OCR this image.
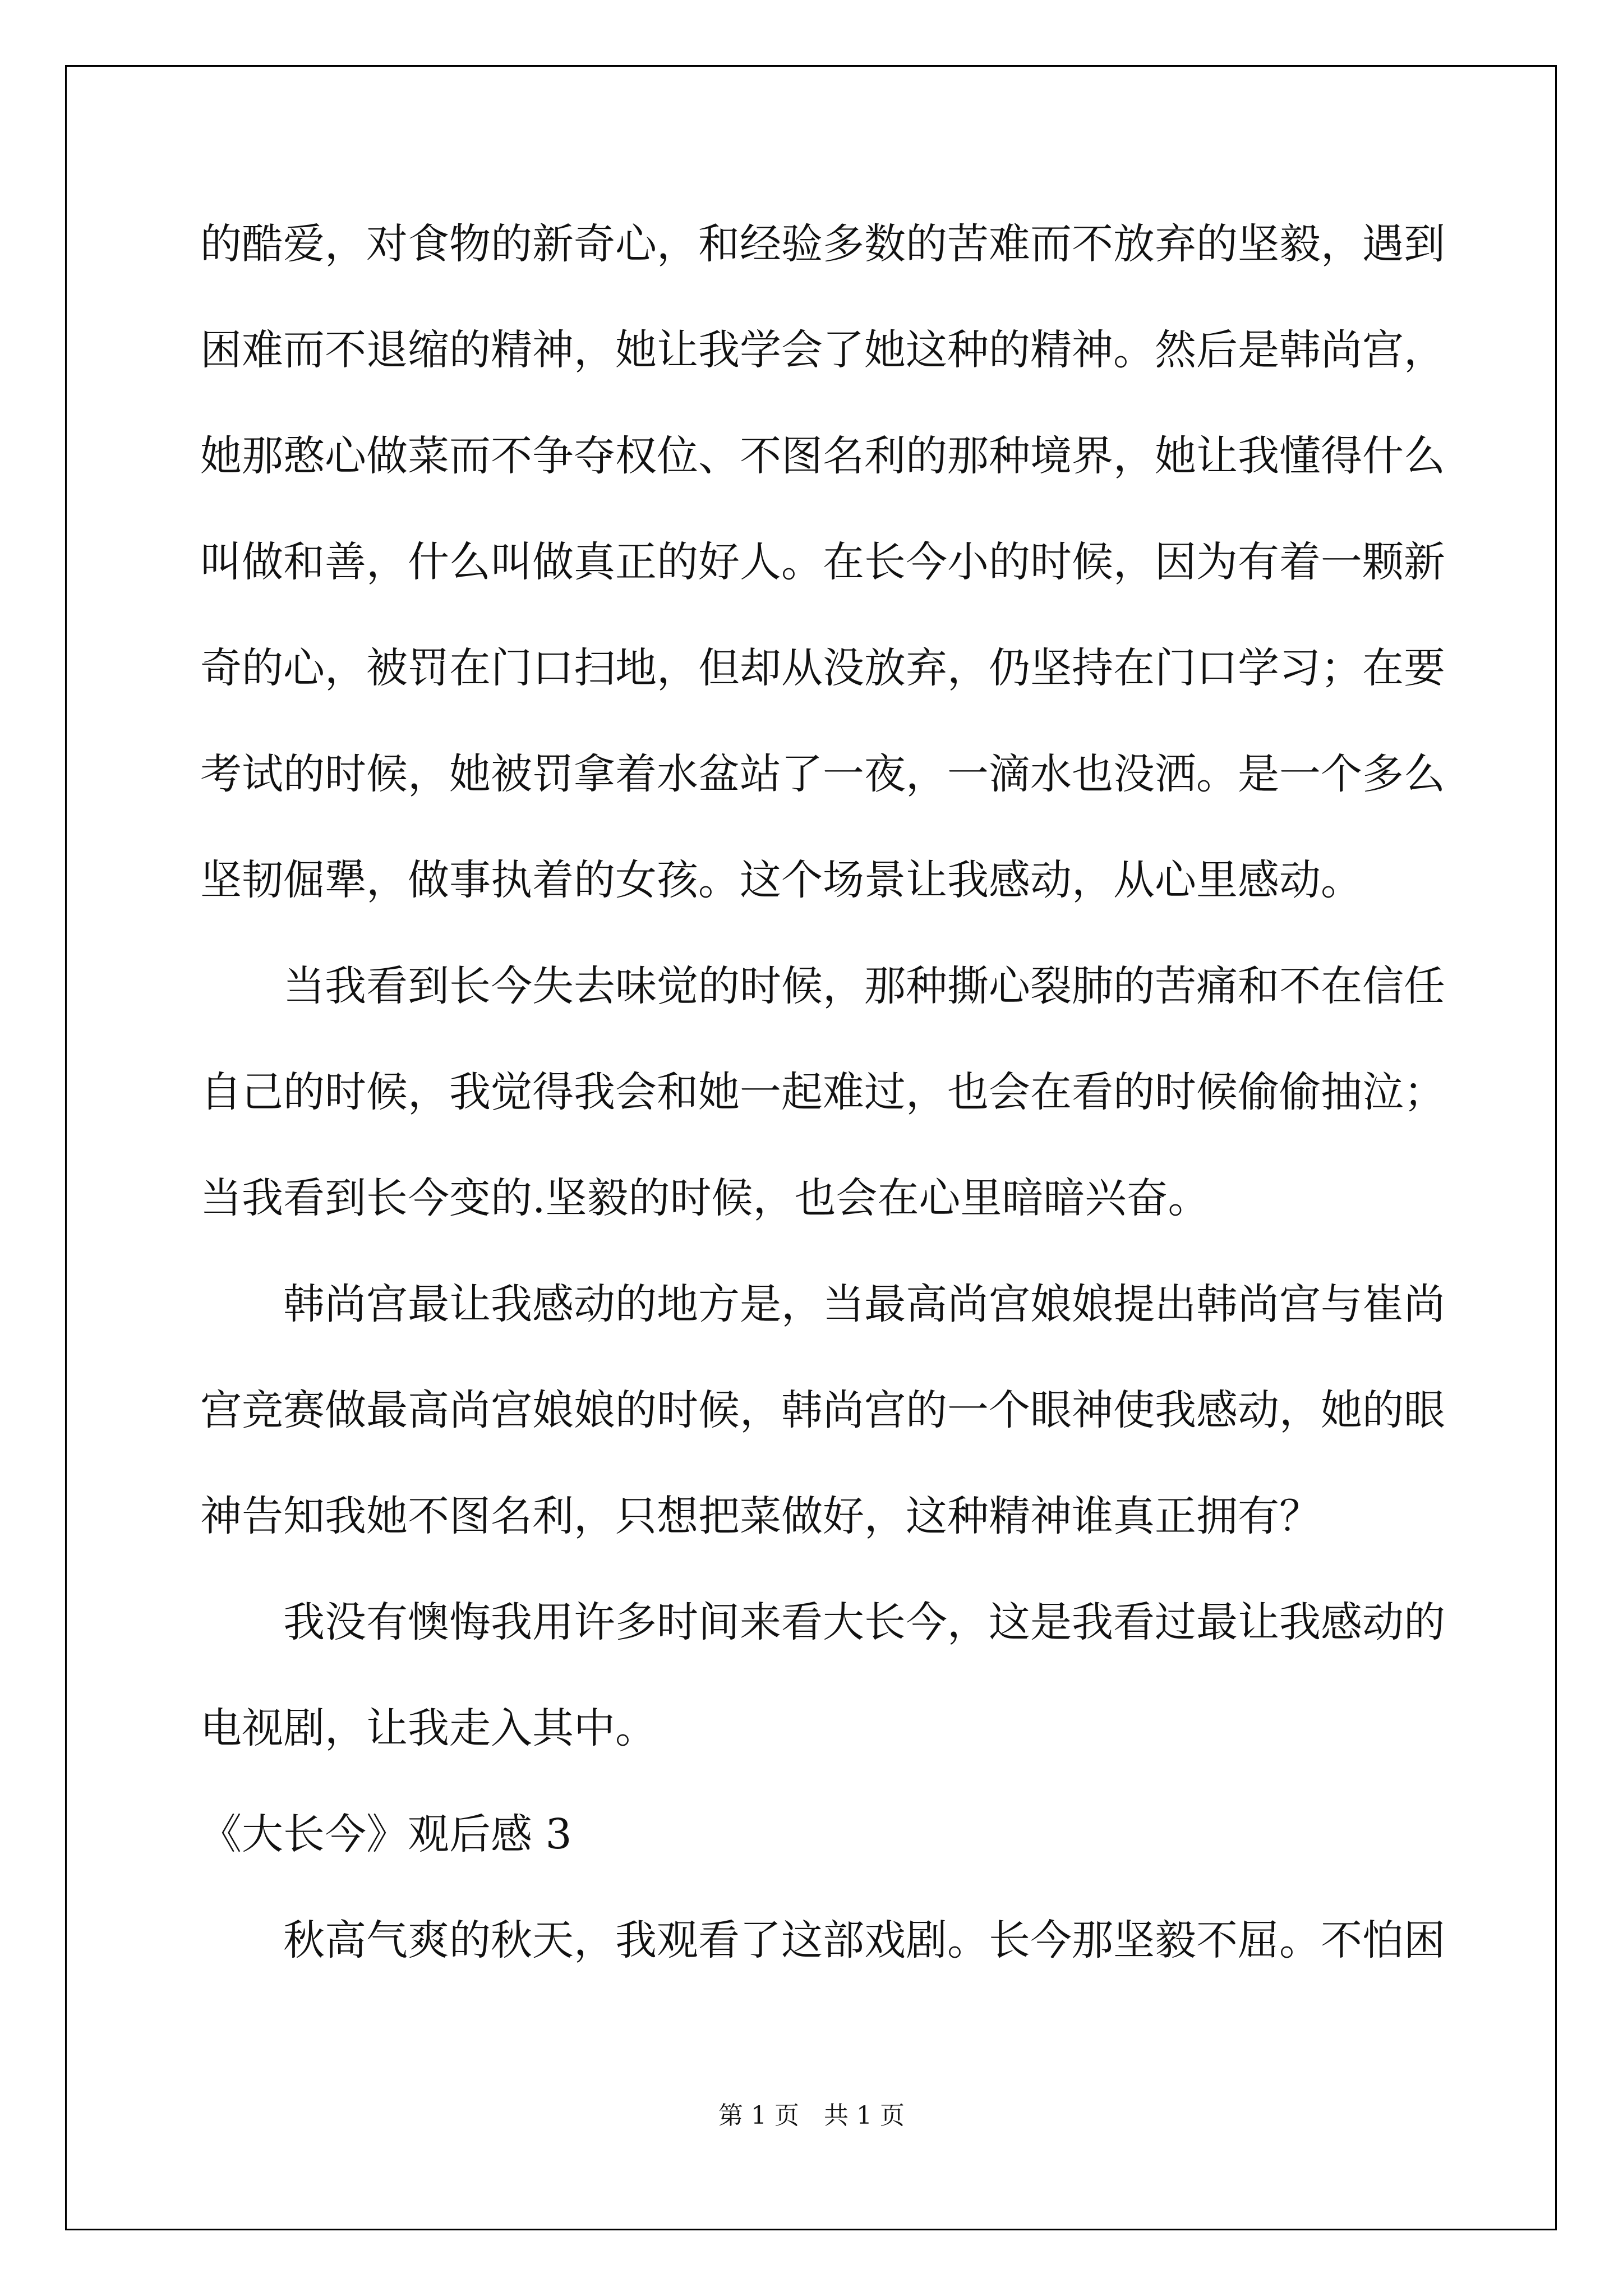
的酷爱，对食物的新奇心，和经验多数的苦难而不放弃的坚毅，遇到
困难而不退缩的精神，她让我学会了她这种的精神。然后是韩尚宫，
她那憨心做菜而不争夺权位、不图名利的那种境界，她让我懂得什么
叫做和善，什么叫做真正的好人。在长今小的时候，因为有着一颗新
奇的心，被罚在门口扫地，但却从没放弃，仍坚持在门口学习；在要
考试的时候，她被罚拿着水盆站了一夜，一滴水也没洒。是一个多么
坚韧倔犟，做事执着的女孩。这个场景让我感动，从心里感动。
当我看到长今失去味觉的时候，那种撕心裂肺的苦痛和不在信任
自己的时候，我觉得我会和她一起难过，也会在看的时候偷偷抽泣；
当我看到长今变的.坚毅的时候，也会在心里暗暗兴奋。
韩尚宫最让我感动的地方是，当最高尚宫娘娘提出韩尚宫与崔尚
宫竞赛做最高尚宫娘娘的时候，韩尚宫的一个眼神使我感动，她的眼
神告知我她不图名利，只想把菜做好，这种精神谁真正拥有？
我没有懊悔我用许多时间来看大长今，这是我看过最让我感动的
电视剧，让我走入其中。
《大长今》观后感 3
秋高气爽的秋天，我观看了这部戏剧。长今那坚毅不屈。不怕困
第 1 页　共 1 页
